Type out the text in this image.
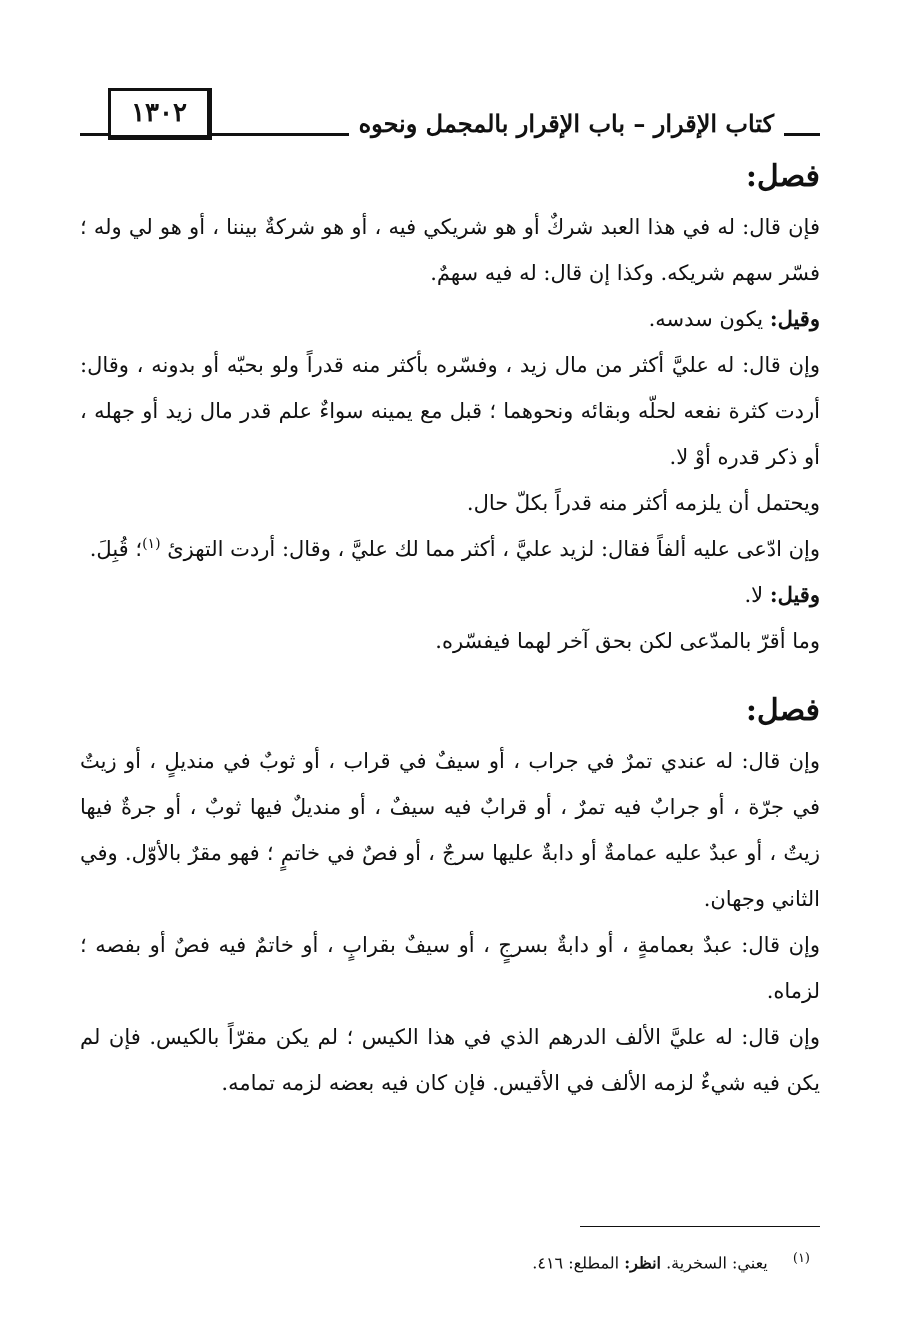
كتاب الإقرار – باب الإقرار بالمجمل ونحوه
١٣٠٢
فصل:

فإن قال: له في هذا العبد شركٌ أو هو شريكي فيه ، أو هو شركةٌ بيننا ، أو هو لي وله ؛ فسّر سهم شريكه. وكذا إن قال: له فيه سهمٌ.

وقيل: يكون سدسه.

وإن قال: له عليَّ أكثر من مال زيد ، وفسّره بأكثر منه قدراً ولو بحبّه أو بدونه ، وقال: أردت كثرة نفعه لحلّه وبقائه ونحوهما ؛ قبل مع يمينه سواءٌ علم قدر مال زيد أو جهله ، أو ذكر قدره أوْ لا.

ويحتمل أن يلزمه أكثر منه قدراً بكلّ حال.

وإن ادّعى عليه ألفاً فقال: لزيد عليَّ ، أكثر مما لك عليَّ ، وقال: أردت التهزئ $^{(١)}$؛ قُبِلَ.

وقيل: لا.

وما أقرّ بالمدّعى لكن بحق آخر لهما فيفسّره.

فصل:

وإن قال: له عندي تمرٌ في جراب ، أو سيفٌ في قراب ، أو ثوبٌ في منديلٍ ، أو زيتٌ في جرّة ، أو جرابٌ فيه تمرٌ ، أو قرابٌ فيه سيفٌ ، أو منديلٌ فيها ثوبٌ ، أو جرةٌ فيها زيتٌ ، أو عبدٌ عليه عمامةٌ أو دابةٌ عليها سرجٌ ، أو فصٌ في خاتمٍ ؛ فهو مقرٌ بالأوّل. وفي الثاني وجهان.

وإن قال: عبدٌ بعمامةٍ ، أو دابةٌ بسرجٍ ، أو سيفٌ بقرابٍ ، أو خاتمٌ فيه فصٌ أو بفصه ؛ لزماه.

وإن قال: له عليَّ الألف الدرهم الذي في هذا الكيس ؛ لم يكن مقرّاً بالكيس. فإن لم يكن فيه شيءٌ لزمه الألف في الأقيس. فإن كان فيه بعضه لزمه تمامه.

$^{(١)}$ يعني: السخرية. انظر: المطلع: ٤١٦.
